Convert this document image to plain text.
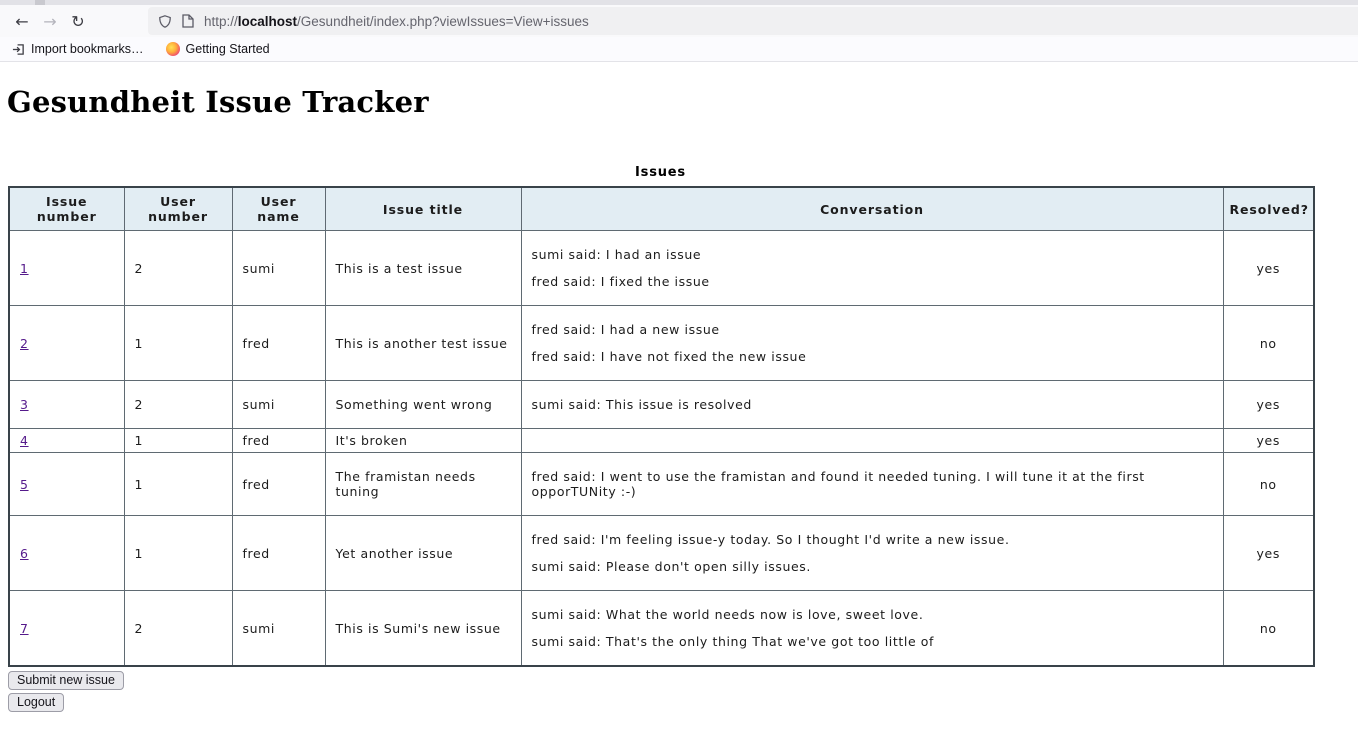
← → ↻	http://localhost/Gesundheit/index.php?viewIssues=View+issues
Import bookmarks…	Getting Started
Gesundheit Issue Tracker
Issues
Issue number	User number	User name	Issue title	Conversation	Resolved?
1	2	sumi	This is a test issue	sumi said: I had an issue

fred said: I fixed the issue	yes
2	1	fred	This is another test issue	fred said: I had a new issue

fred said: I have not fixed the new issue	no
3	2	sumi	Something went wrong	sumi said: This issue is resolved	yes
4	1	fred	It's broken		yes
5	1	fred	The framistan needs tuning	fred said: I went to use the framistan and found it needed tuning. I will tune it at the first opporTUNity :-)	no
6	1	fred	Yet another issue	fred said: I'm feeling issue-y today. So I thought I'd write a new issue.

sumi said: Please don't open silly issues.	yes
7	2	sumi	This is Sumi's new issue	sumi said: What the world needs now is love, sweet love.

sumi said: That's the only thing That we've got too little of	no
Submit new issue
Logout
